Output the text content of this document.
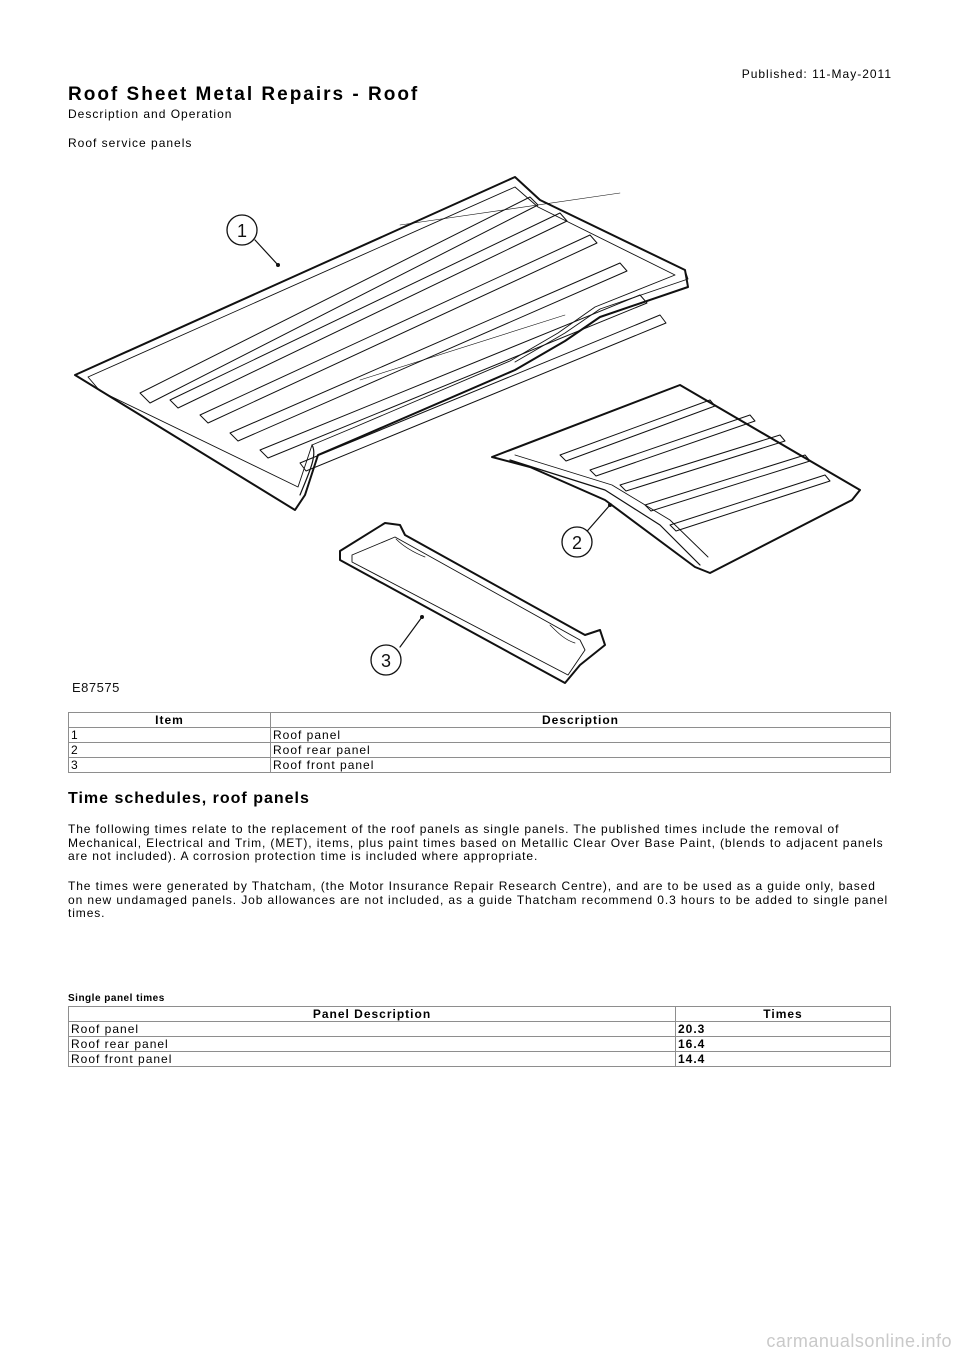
Published: 11-May-2011
Roof Sheet Metal Repairs - Roof
Description and Operation
Roof service panels
1
2
3
E87575
Item	Description
1	Roof panel
2	Roof rear panel
3	Roof front panel
Time schedules, roof panels

The following times relate to the replacement of the roof panels as single panels. The published times include the removal of Mechanical, Electrical and Trim, (MET), items, plus paint times based on Metallic Clear Over Base Paint, (blends to adjacent panels are not included). A corrosion protection time is included where appropriate.

The times were generated by Thatcham, (the Motor Insurance Repair Research Centre), and are to be used as a guide only, based on new undamaged panels. Job allowances are not included, as a guide Thatcham recommend 0.3 hours to be added to single panel times.

Single panel times
Panel Description	Times
Roof panel	20.3
Roof rear panel	16.4
Roof front panel	14.4
carmanualsonline.info
